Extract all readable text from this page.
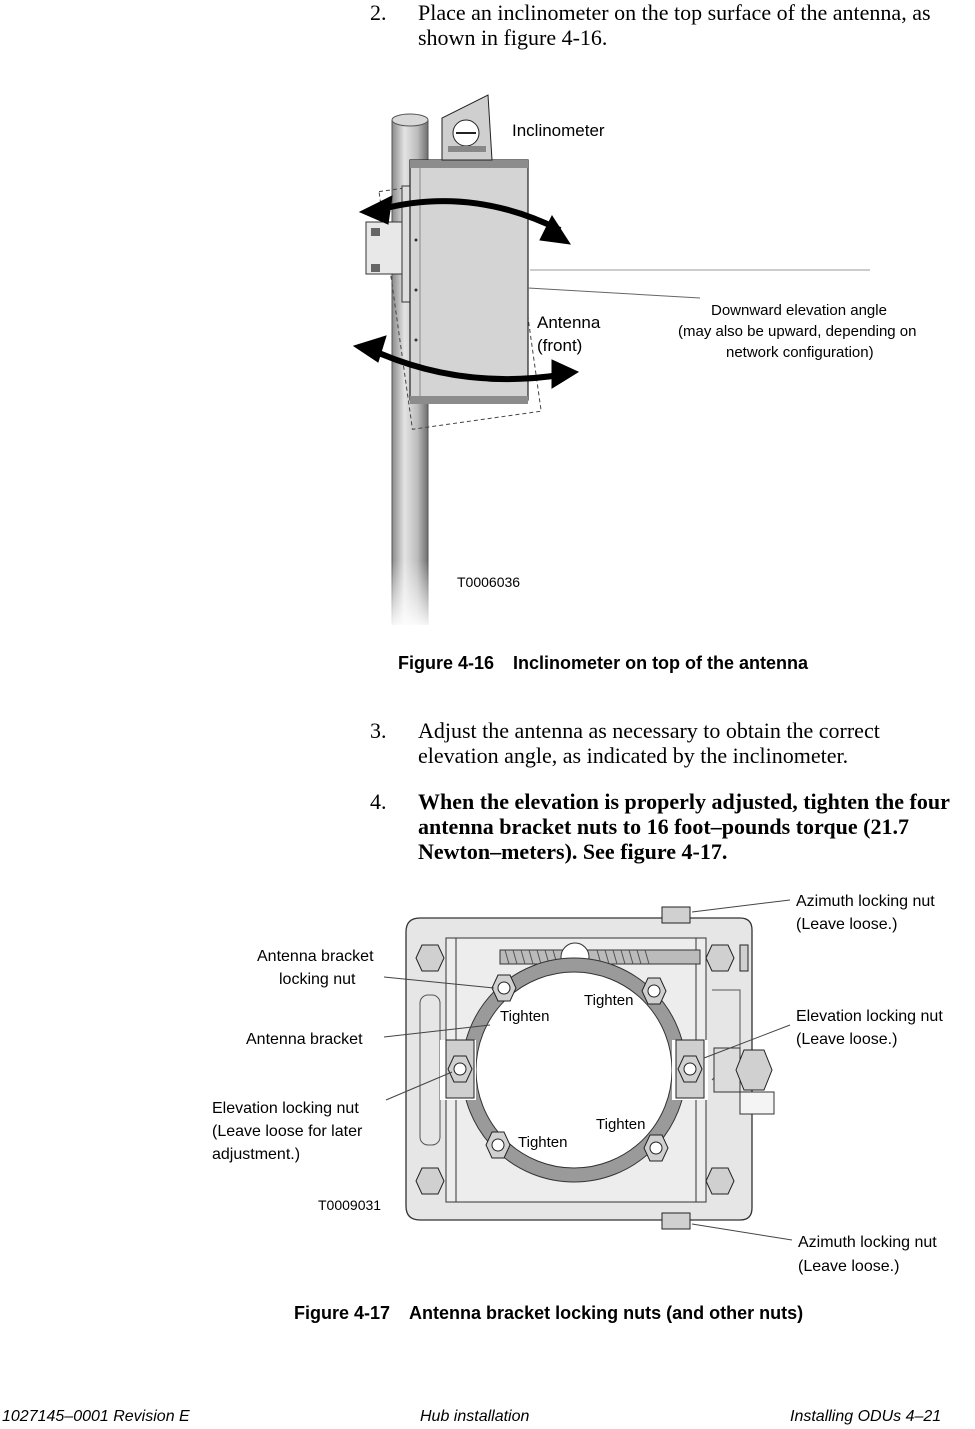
2. Place an inclinometer on the top surface of the antenna, as shown in figure 4-16.
Inclinometer
Antenna
(front)
Downward elevation angle
(may also be upward, depending on
network configuration)
T0006036
Figure 4-16 Inclinometer on top of the antenna
3. Adjust the antenna as necessary to obtain the correct elevation angle, as indicated by the inclinometer.
4. When the elevation is properly adjusted, tighten the four antenna bracket nuts to 16 foot–pounds torque (21.7 Newton–meters). See figure 4-17.
Azimuth locking nut
(Leave loose.)
Antenna bracket
locking nut
Antenna bracket
Elevation locking nut
(Leave loose.)
Elevation locking nut
(Leave loose for later
adjustment.)
Tighten
Tighten
Tighten
Tighten
T0009031
Azimuth locking nut
(Leave loose.)
Figure 4-17 Antenna bracket locking nuts (and other nuts)
1027145–0001 Revision E	Hub installation	Installing ODUs 4–21
